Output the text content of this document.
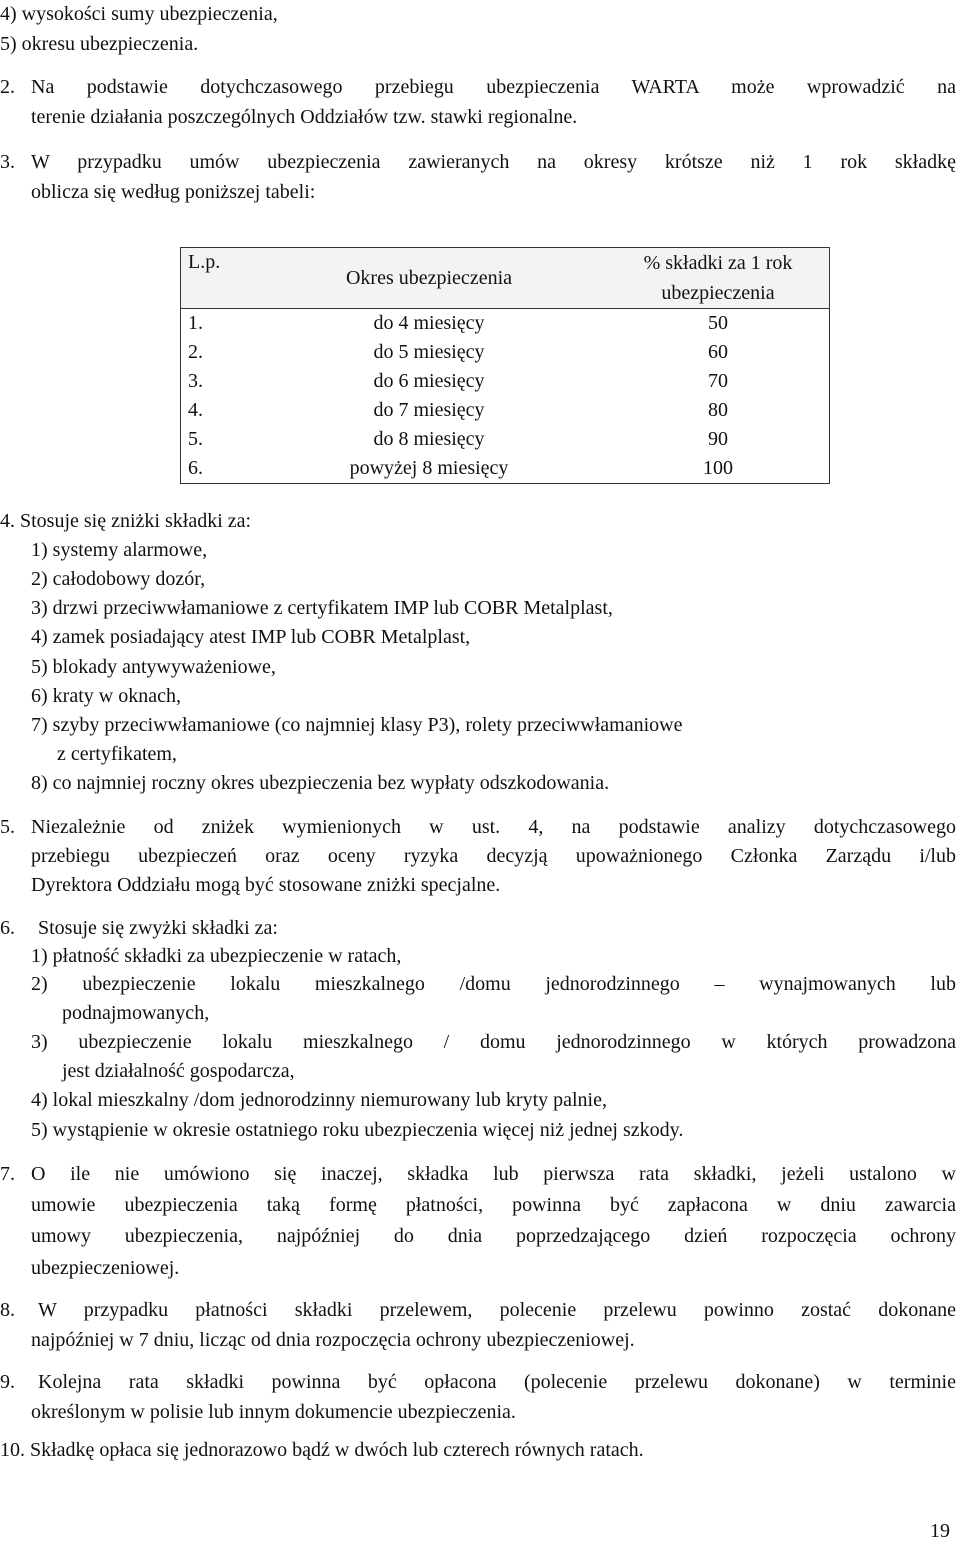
4) wysokości sumy ubezpieczenia,
5) okresu ubezpieczenia.
2. Na podstawie dotychczasowego przebiegu ubezpieczenia WARTA może wprowadzić na
terenie działania poszczególnych Oddziałów tzw. stawki regionalne.
3. W przypadku umów ubezpieczenia zawieranych na okresy krótsze niż 1 rok składkę
oblicza się według poniższej tabeli:
L.p.	Okres ubezpieczenia	% składki za 1 rok
ubezpieczenia

1.	do 4 miesięcy	50
2.	do 5 miesięcy	60
3.	do 6 miesięcy	70
4.	do 7 miesięcy	80
5.	do 8 miesięcy	90
6.	powyżej 8 miesięcy	100
4. Stosuje się zniżki składki za:
1) systemy alarmowe,
2) całodobowy dozór,
3) drzwi przeciwwłamaniowe z certyfikatem IMP lub COBR Metalplast,
4) zamek posiadający atest IMP lub COBR Metalplast,
5) blokady antywyważeniowe,
6) kraty w oknach,
7) szyby przeciwwłamaniowe (co najmniej klasy P3), rolety przeciwwłamaniowe
z certyfikatem,
8) co najmniej roczny okres ubezpieczenia bez wypłaty odszkodowania.
5. Niezależnie od zniżek wymienionych w ust. 4, na podstawie analizy dotychczasowego
przebiegu ubezpieczeń oraz oceny ryzyka decyzją upoważnionego Członka Zarządu i/lub
Dyrektora Oddziału mogą być stosowane zniżki specjalne.
6. Stosuje się zwyżki składki za:
1) płatność składki za ubezpieczenie w ratach,
2) ubezpieczenie lokalu mieszkalnego /domu jednorodzinnego – wynajmowanych lub
podnajmowanych,
3) ubezpieczenie lokalu mieszkalnego / domu jednorodzinnego w których prowadzona
jest działalność gospodarcza,
4) lokal mieszkalny /dom jednorodzinny niemurowany lub kryty palnie,
5) wystąpienie w okresie ostatniego roku ubezpieczenia więcej niż jednej szkody.
7. O ile nie umówiono się inaczej, składka lub pierwsza rata składki, jeżeli ustalono w
umowie ubezpieczenia taką formę płatności, powinna być zapłacona w dniu zawarcia
umowy ubezpieczenia, najpóźniej do dnia poprzedzającego dzień rozpoczęcia ochrony
ubezpieczeniowej.
8. W przypadku płatności składki przelewem, polecenie przelewu powinno zostać dokonane
najpóźniej w 7 dniu, licząc od dnia rozpoczęcia ochrony ubezpieczeniowej.
9. Kolejna rata składki powinna być opłacona (polecenie przelewu dokonane) w terminie
określonym w polisie lub innym dokumencie ubezpieczenia.
10. Składkę opłaca się jednorazowo bądź w dwóch lub czterech równych ratach.
19
